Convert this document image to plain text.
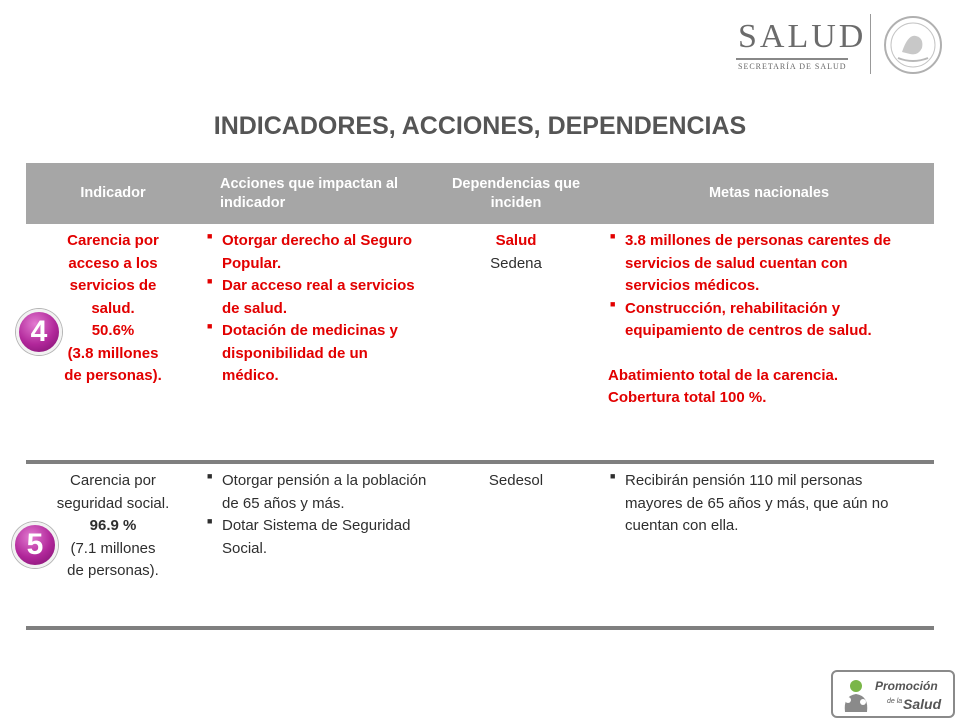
SALUD
SECRETARÍA DE SALUD
INDICADORES, ACCIONES, DEPENDENCIAS
Indicador
Acciones que impactan al indicador
Dependencias que inciden
Metas nacionales
Carencia por
acceso a los
servicios de
salud.
50.6%
(3.8 millones
de personas).
■ Otorgar derecho al Seguro Popular.
■ Dar acceso real a servicios de salud.
■ Dotación de medicinas y disponibilidad de un médico.
Salud
Sedena
■ 3.8 millones de personas carentes de servicios de salud cuentan con servicios médicos.
■ Construcción, rehabilitación y equipamiento de centros de salud.
Abatimiento total de la carencia.
Cobertura total 100 %.
Carencia por
seguridad social.
96.9 %
(7.1 millones
de personas).
■ Otorgar pensión a la población de 65 años y más.
■ Dotar Sistema de Seguridad Social.
Sedesol
■	Recibirán pensión 110 mil personas mayores de 65 años y más, que aún no cuentan con ella.
4
5
Promoción
de la Salud
